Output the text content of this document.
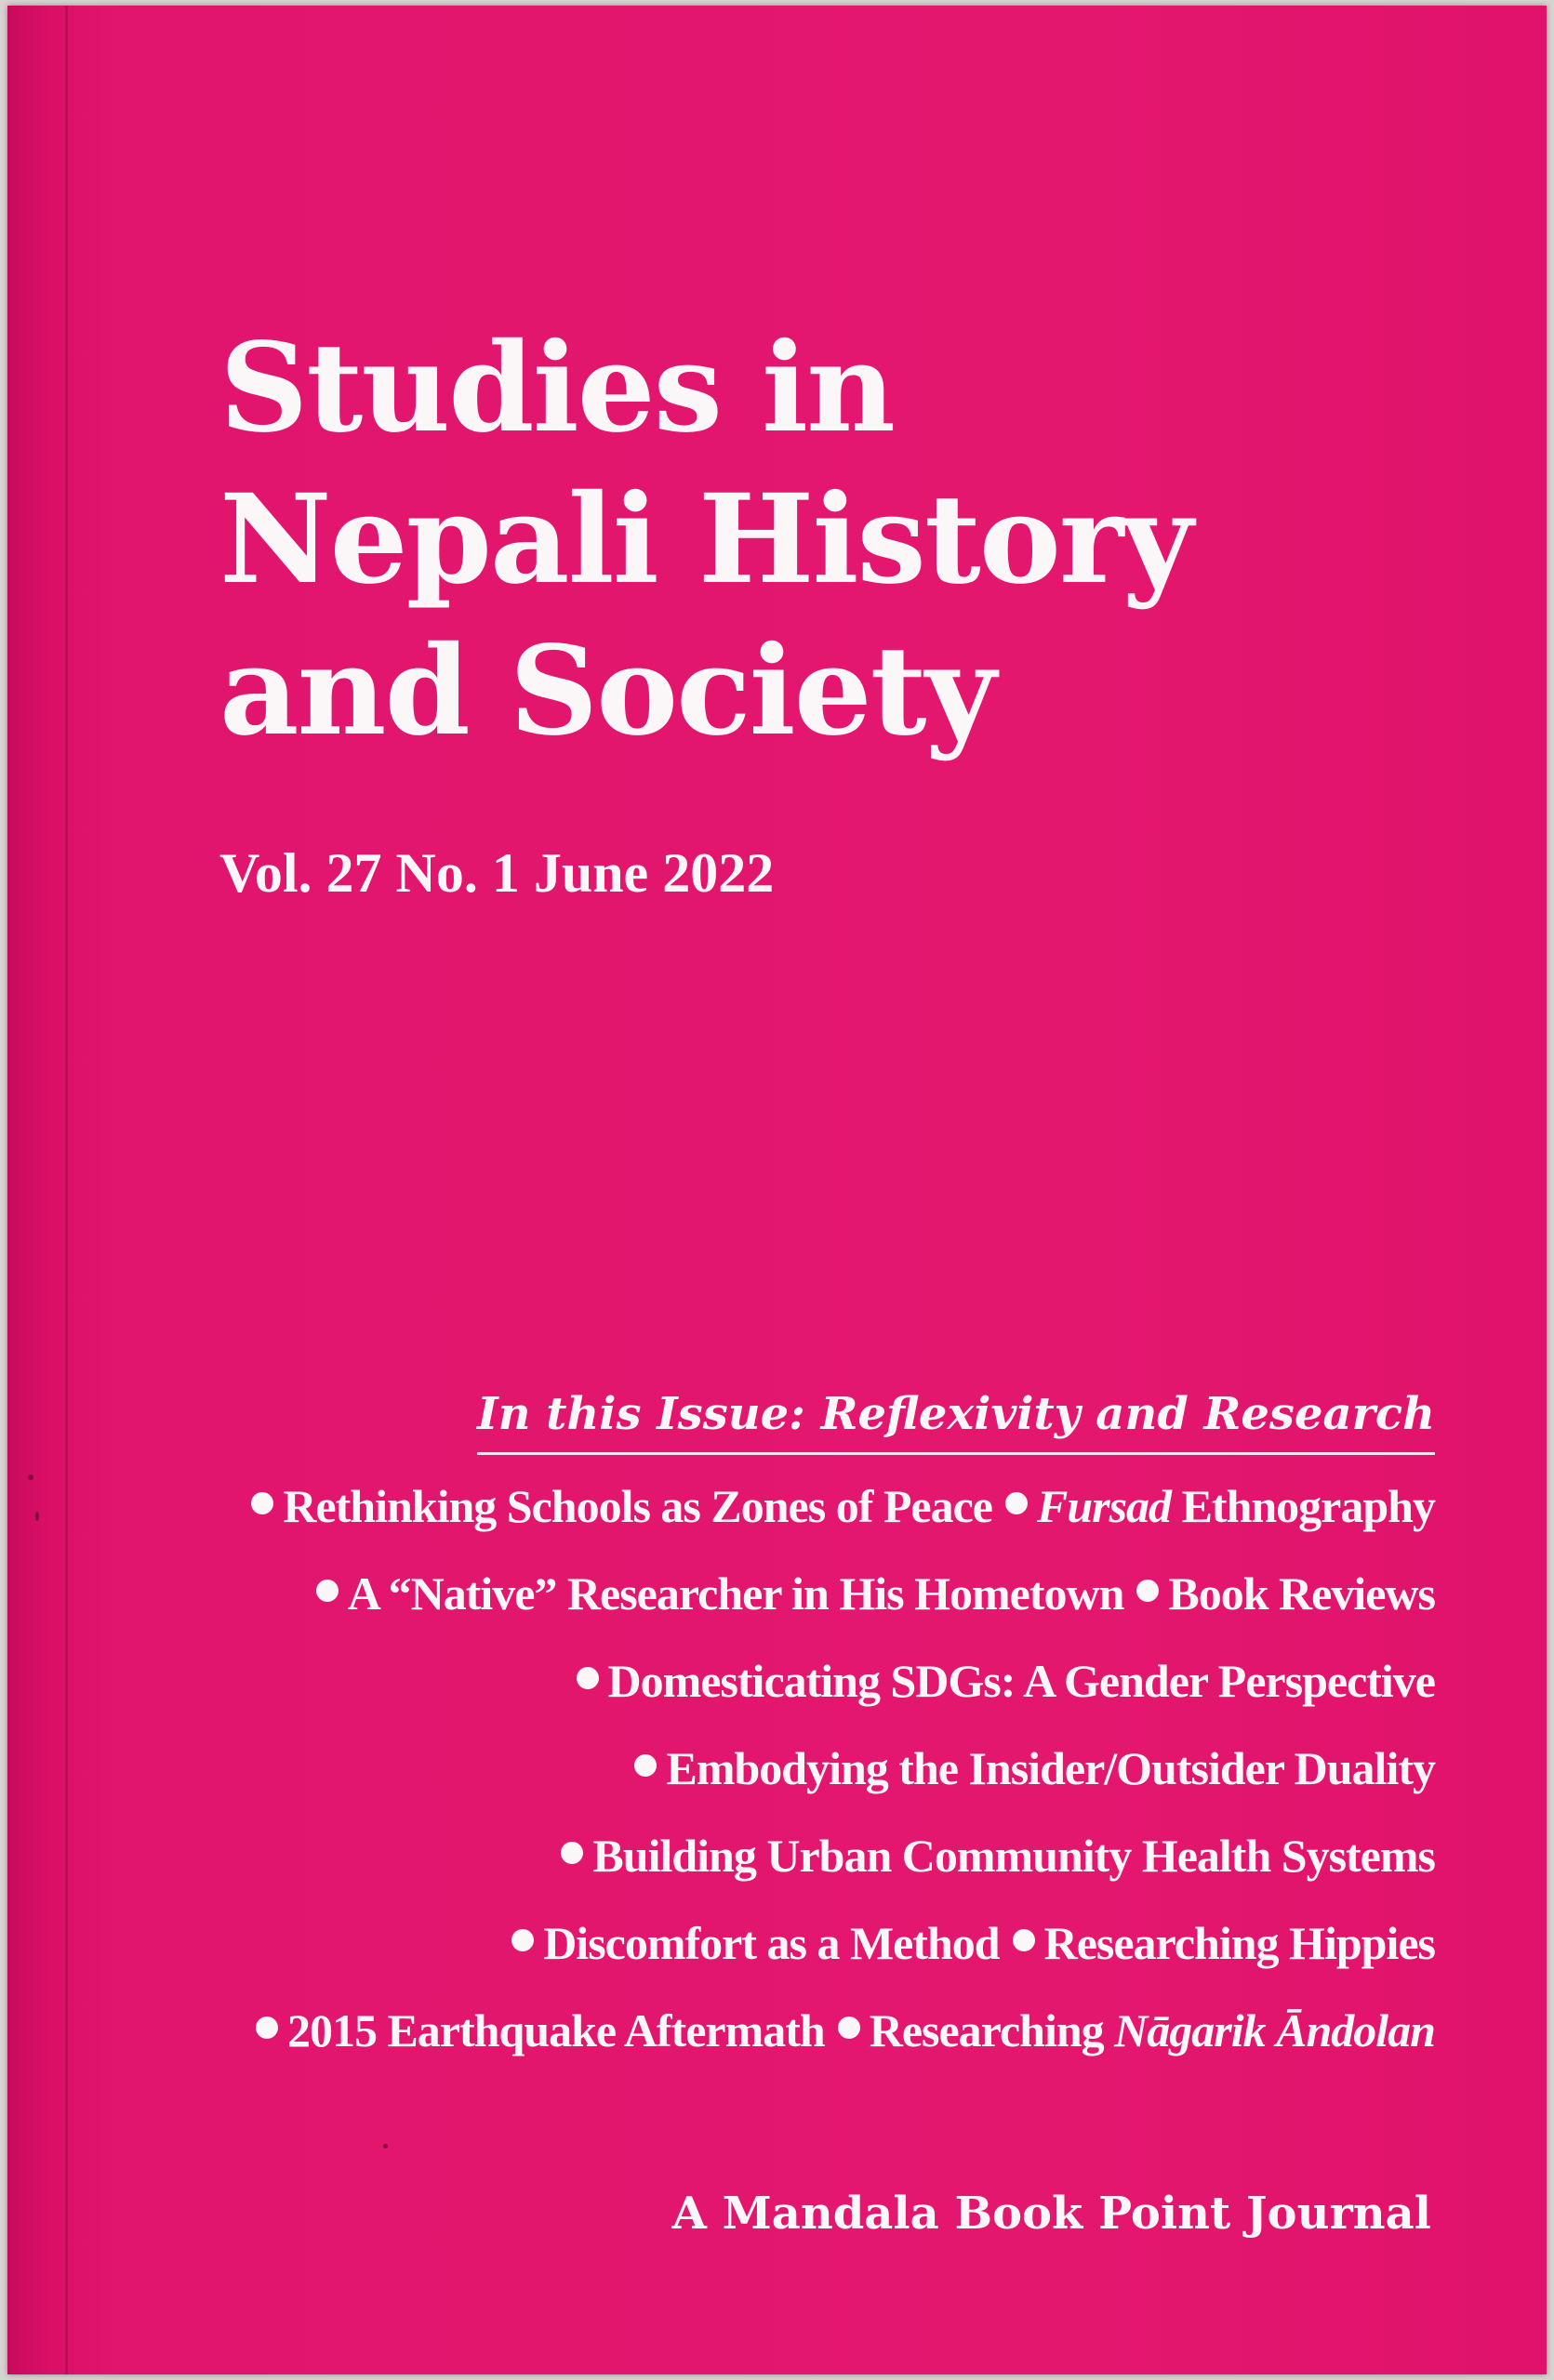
Studies in
Nepali History
and Society
Vol. 27 No. 1 June 2022
In this Issue: Reflexivity and Research
Rethinking Schools as Zones of Peace Fursad Ethnography
A “Native” Researcher in His Hometown Book Reviews
Domesticating SDGs: A Gender Perspective
Embodying the Insider/Outsider Duality
Building Urban Community Health Systems
Discomfort as a Method Researching Hippies
2015 Earthquake Aftermath Researching Nāgarik Āndolan
A Mandala Book Point Journal
